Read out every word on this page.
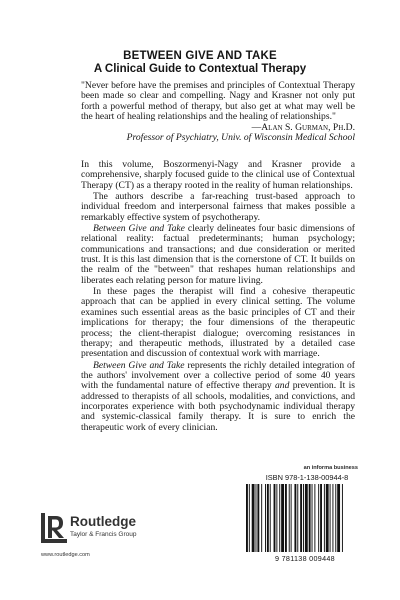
BETWEEN GIVE AND TAKE
A Clinical Guide to Contextual Therapy

"Never before have the premises and principles of Contextual Therapy been made so clear and compelling. Nagy and Krasner not only put forth a powerful method of therapy, but also get at what may well be the heart of healing relationships and the healing of relationships."

—Alan S. Gurman, Ph.D.

Professor of Psychiatry, Univ. of Wisconsin Medical School

In this volume, Boszormenyi-Nagy and Krasner provide a comprehensive, sharply focused guide to the clinical use of Contextual Therapy (CT) as a therapy rooted in the reality of human relationships.

The authors describe a far-reaching trust-based approach to individual freedom and interpersonal fairness that makes possible a remarkably effective system of psychotherapy.

Between Give and Take clearly delineates four basic dimensions of relational reality: factual predeterminants; human psychology; communications and transactions; and due consideration or merited trust. It is this last dimension that is the cornerstone of CT. It builds on the realm of the "between" that reshapes human relationships and liberates each relating person for mature living.

In these pages the therapist will find a cohesive therapeutic approach that can be applied in every clinical setting. The volume examines such essential areas as the basic principles of CT and their implications for therapy; the four dimensions of the therapeutic process; the client-therapist dialogue; overcoming resistances in therapy; and therapeutic methods, illustrated by a detailed case presentation and discussion of contextual work with marriage.

Between Give and Take represents the richly detailed integration of the authors' involvement over a collective period of some 40 years with the fundamental nature of effective therapy and prevention. It is addressed to therapists of all schools, modalities, and convictions, and incorporates experience with both psychodynamic individual therapy and systemic-classical family therapy. It is sure to enrich the therapeutic work of every clinician.

an informa business
ISBN 978-1-138-00944-8
Routledge
Taylor & Francis Group
www.routledge.com	9 781138 009448
